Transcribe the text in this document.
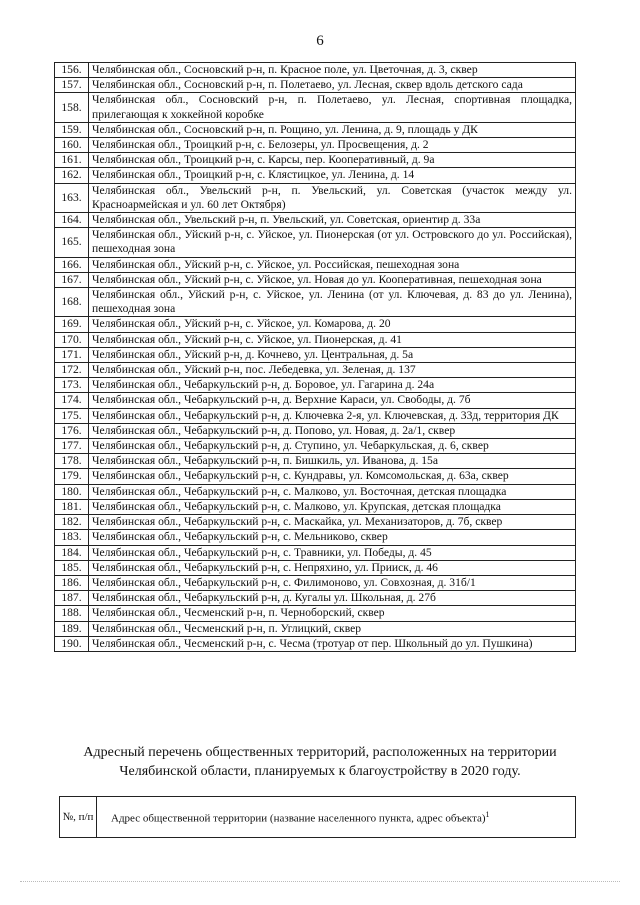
6
156.	Челябинская обл., Сосновский р-н, п. Красное поле, ул. Цветочная, д. 3, сквер
157.	Челябинская обл., Сосновский р-н, п. Полетаево, ул. Лесная, сквер вдоль детского сада
158.	Челябинская обл., Сосновский р-н, п. Полетаево, ул. Лесная, спортивная площадка, прилегающая к хоккейной коробке
159.	Челябинская обл., Сосновский р-н, п. Рощино, ул. Ленина, д. 9, площадь у ДК
160.	Челябинская обл., Троицкий р-н, с. Белозеры, ул. Просвещения, д. 2
161.	Челябинская обл., Троицкий р-н, с. Карсы, пер. Кооперативный, д. 9а
162.	Челябинская обл., Троицкий р-н, с. Клястицкое, ул. Ленина, д. 14
163.	Челябинская обл., Увельский р-н, п. Увельский, ул. Советская (участок между ул. Красноармейская и ул. 60 лет Октября)
164.	Челябинская обл., Увельский р-н, п. Увельский, ул. Советская, ориентир д. 33а
165.	Челябинская обл., Уйский р-н, с. Уйское, ул. Пионерская (от ул. Островского до ул. Российская), пешеходная зона
166.	Челябинская обл., Уйский р-н, с. Уйское, ул. Российская, пешеходная зона
167.	Челябинская обл., Уйский р-н, с. Уйское, ул. Новая до ул. Кооперативная, пешеходная зона
168.	Челябинская обл., Уйский р-н, с. Уйское, ул. Ленина (от ул. Ключевая, д. 83 до ул. Ленина), пешеходная зона
169.	Челябинская обл., Уйский р-н, с. Уйское, ул. Комарова, д. 20
170.	Челябинская обл., Уйский р-н, с. Уйское, ул. Пионерская, д. 41
171.	Челябинская обл., Уйский р-н, д. Кочнево, ул. Центральная, д. 5а
172.	Челябинская обл., Уйский р-н, пос. Лебедевка, ул. Зеленая, д. 137
173.	Челябинская обл., Чебаркульский р-н, д. Боровое, ул. Гагарина д. 24а
174.	Челябинская обл., Чебаркульский р-н, д. Верхние Караси, ул. Свободы, д. 7б
175.	Челябинская обл., Чебаркульский р-н, д. Ключевка 2-я, ул. Ключевская, д. 33д, территория ДК
176.	Челябинская обл., Чебаркульский р-н, д. Попово, ул. Новая, д. 2а/1, сквер
177.	Челябинская обл., Чебаркульский р-н, д. Ступино, ул. Чебаркульская, д. 6, сквер
178.	Челябинская обл., Чебаркульский р-н, п. Бишкиль, ул. Иванова, д. 15а
179.	Челябинская обл., Чебаркульский р-н, с. Кундравы, ул. Комсомольская, д. 63а, сквер
180.	Челябинская обл., Чебаркульский р-н, с. Малково, ул. Восточная, детская площадка
181.	Челябинская обл., Чебаркульский р-н, с. Малково, ул. Крупская, детская площадка
182.	Челябинская обл., Чебаркульский р-н, с. Маскайка, ул. Механизаторов, д. 7б, сквер
183.	Челябинская обл., Чебаркульский р-н, с. Мельниково, сквер
184.	Челябинская обл., Чебаркульский р-н, с. Травники, ул. Победы, д. 45
185.	Челябинская обл., Чебаркульский р-н, с. Непряхино, ул. Прииск, д. 46
186.	Челябинская обл., Чебаркульский р-н, с. Филимоново, ул. Совхозная, д. 31б/1
187.	Челябинская обл., Чебаркульский р-н, д. Кугалы ул. Школьная, д. 27б
188.	Челябинская обл., Чесменский р-н, п. Черноборский, сквер
189.	Челябинская обл., Чесменский р-н, п. Углицкий, сквер
190.	Челябинская обл., Чесменский р-н, с. Чесма (тротуар от пер. Школьный до ул. Пушкина)
Адресный перечень общественных территорий, расположенных на территории Челябинской области, планируемых к благоустройству в 2020 году.
№, п/п	Адрес общественной территории (название населенного пункта, адрес объекта)$^1$
